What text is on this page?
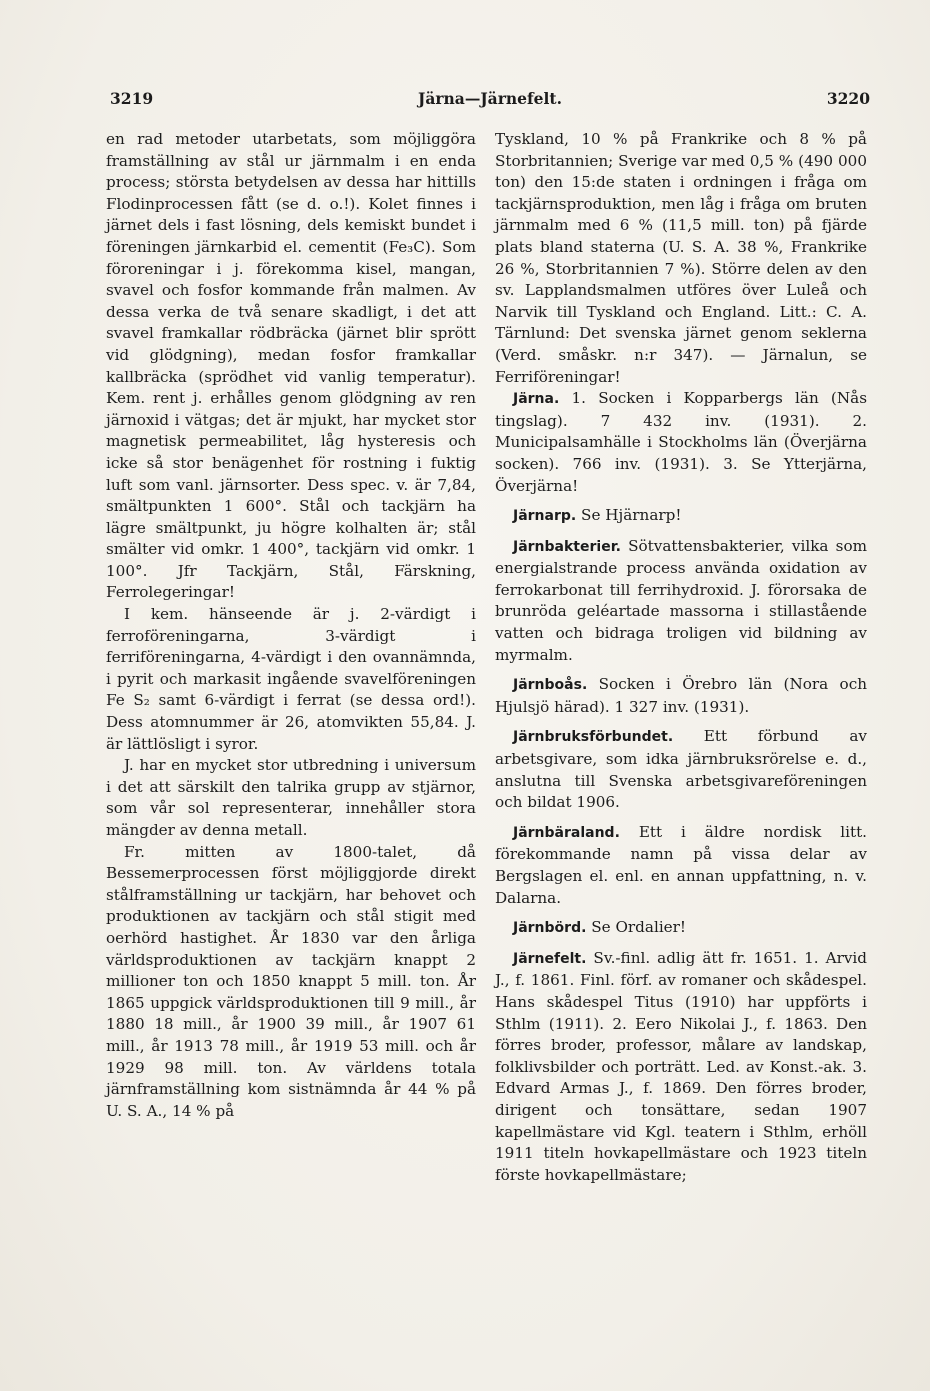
3219	Järna—Järnefelt.	3220

en rad metoder utarbetats, som möjliggöra framställning av stål ur järnmalm i en enda process; största betydelsen av dessa har hittills Flodinprocessen fått (se d. o.!). Kolet finnes i järnet dels i fast lösning, dels kemiskt bundet i föreningen järnkarbid el. cementit (Fe₃C). Som föroreningar i j. förekomma kisel, mangan, svavel och fosfor kommande från malmen. Av dessa verka de två senare skadligt, i det att svavel framkallar rödbräcka (järnet blir sprött vid glödgning), medan fosfor framkallar kallbräcka (sprödhet vid vanlig temperatur). Kem. rent j. erhålles genom glödgning av ren järnoxid i vätgas; det är mjukt, har mycket stor magnetisk permeabilitet, låg hysteresis och icke så stor benägenhet för rostning i fuktig luft som vanl. järnsorter. Dess spec. v. är 7,84, smältpunkten 1 600°. Stål och tackjärn ha lägre smältpunkt, ju högre kolhalten är; stål smälter vid omkr. 1 400°, tackjärn vid omkr. 1 100°. Jfr Tackjärn, Stål, Färskning, Ferrolegeringar!

I kem. hänseende är j. 2-värdigt i ferroföreningarna, 3-värdigt i ferriföreningarna, 4-värdigt i den ovannämnda, i pyrit och markasit ingående svavelföreningen Fe S₂ samt 6-värdigt i ferrat (se dessa ord!). Dess atomnummer är 26, atomvikten 55,84. J. är lättlösligt i syror.

J. har en mycket stor utbredning i universum i det att särskilt den talrika grupp av stjärnor, som vår sol representerar, innehåller stora mängder av denna metall.

Fr. mitten av 1800-talet, då Bessemerprocessen först möjliggjorde direkt stålframställning ur tackjärn, har behovet och produktionen av tackjärn och stål stigit med oerhörd hastighet. År 1830 var den årliga världsproduktionen av tackjärn knappt 2 millioner ton och 1850 knappt 5 mill. ton. År 1865 uppgick världsproduktionen till 9 mill., år 1880 18 mill., år 1900 39 mill., år 1907 61 mill., år 1913 78 mill., år 1919 53 mill. och år 1929 98 mill. ton. Av världens totala järnframställning kom sistnämnda år 44 % på U. S. A., 14 % på

Tyskland, 10 % på Frankrike och 8 % på Storbritannien; Sverige var med 0,5 % (490 000 ton) den 15:de staten i ordningen i fråga om tackjärnsproduktion, men låg i fråga om bruten järnmalm med 6 % (11,5 mill. ton) på fjärde plats bland staterna (U. S. A. 38 %, Frankrike 26 %, Storbritannien 7 %). Större delen av den sv. Lapplandsmalmen utföres över Luleå och Narvik till Tyskland och England. Litt.: C. A. Tärnlund: Det svenska järnet genom seklerna (Verd. småskr. n:r 347). — Järnalun, se Ferriföreningar!

Järna. 1. Socken i Kopparbergs län (Nås tingslag). 7 432 inv. (1931). 2. Municipalsamhälle i Stockholms län (Överjärna socken). 766 inv. (1931). 3. Se Ytterjärna, Överjärna!

Järnarp. Se Hjärnarp!

Järnbakterier. Sötvattensbakterier, vilka som energialstrande process använda oxidation av ferrokarbonat till ferrihydroxid. J. förorsaka de brunröda geléartade massorna i stillastående vatten och bidraga troligen vid bildning av myrmalm.

Järnboås. Socken i Örebro län (Nora och Hjulsjö härad). 1 327 inv. (1931).

Järnbruksförbundet. Ett förbund av arbetsgivare, som idka järnbruksrörelse e. d., anslutna till Svenska arbetsgivareföreningen och bildat 1906.

Järnbäraland. Ett i äldre nordisk litt. förekommande namn på vissa delar av Bergslagen el. enl. en annan uppfattning, n. v. Dalarna.

Järnbörd. Se Ordalier!

Järnefelt. Sv.-finl. adlig ätt fr. 1651. 1. Arvid J., f. 1861. Finl. förf. av romaner och skådespel. Hans skådespel Titus (1910) har uppförts i Sthlm (1911). 2. Eero Nikolai J., f. 1863. Den förres broder, professor, målare av landskap, folklivsbilder och porträtt. Led. av Konst.-ak. 3. Edvard Armas J., f. 1869. Den förres broder, dirigent och tonsättare, sedan 1907 kapellmästare vid Kgl. teatern i Sthlm, erhöll 1911 titeln hovkapellmästare och 1923 titeln förste hovkapellmästare;
